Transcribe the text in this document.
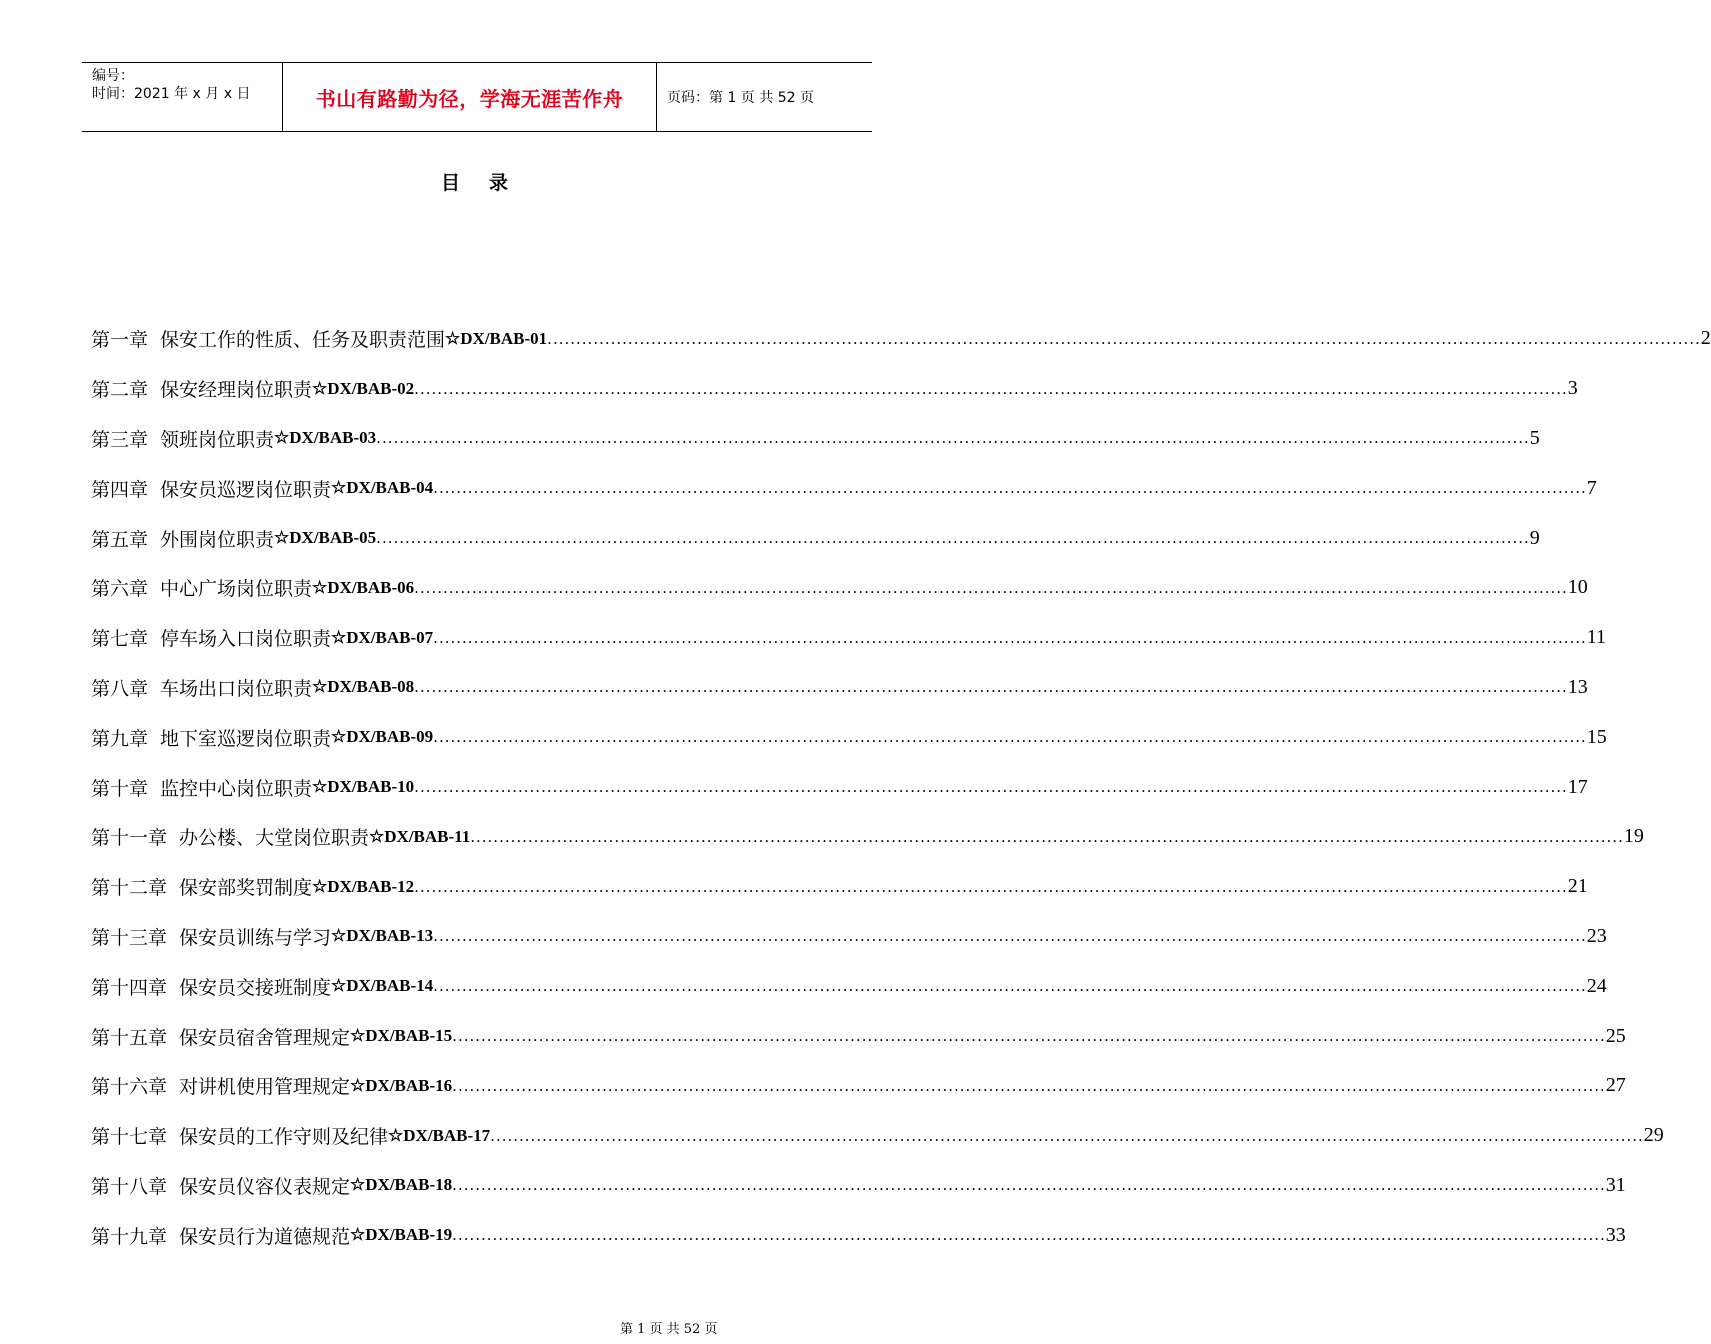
编号：
时间：2021 年 x 月 x 日	书山有路勤为径，学海无涯苦作舟	页码：第 1 页 共 52 页
目 录
第一章 保安工作的性质、任务及职责范围 ☆DX/BAB-01 ........................................................................................................................................................................................................ 2
第二章 保安经理岗位职责 ☆DX/BAB-02 ........................................................................................................................................................................................................ 3
第三章 领班岗位职责 ☆DX/BAB-03 ........................................................................................................................................................................................................ 5
第四章 保安员巡逻岗位职责 ☆DX/BAB-04 ........................................................................................................................................................................................................ 7
第五章 外围岗位职责 ☆DX/BAB-05 ........................................................................................................................................................................................................ 9
第六章 中心广场岗位职责 ☆DX/BAB-06 ........................................................................................................................................................................................................ 10
第七章 停车场入口岗位职责 ☆DX/BAB-07 ........................................................................................................................................................................................................ 11
第八章 车场出口岗位职责 ☆DX/BAB-08 ........................................................................................................................................................................................................ 13
第九章 地下室巡逻岗位职责 ☆DX/BAB-09 ........................................................................................................................................................................................................ 15
第十章 监控中心岗位职责 ☆DX/BAB-10 ........................................................................................................................................................................................................ 17
第十一章 办公楼、大堂岗位职责 ☆DX/BAB-11 ........................................................................................................................................................................................................ 19
第十二章 保安部奖罚制度 ☆DX/BAB-12 ........................................................................................................................................................................................................ 21
第十三章 保安员训练与学习 ☆DX/BAB-13 ........................................................................................................................................................................................................ 23
第十四章 保安员交接班制度 ☆DX/BAB-14 ........................................................................................................................................................................................................ 24
第十五章 保安员宿舍管理规定 ☆DX/BAB-15 ........................................................................................................................................................................................................ 25
第十六章 对讲机使用管理规定 ☆DX/BAB-16 ........................................................................................................................................................................................................ 27
第十七章 保安员的工作守则及纪律 ☆DX/BAB-17 ........................................................................................................................................................................................................ 29
第十八章 保安员仪容仪表规定 ☆DX/BAB-18 ........................................................................................................................................................................................................ 31
第十九章 保安员行为道德规范 ☆DX/BAB-19 ........................................................................................................................................................................................................ 33
第 1 页 共 52 页
